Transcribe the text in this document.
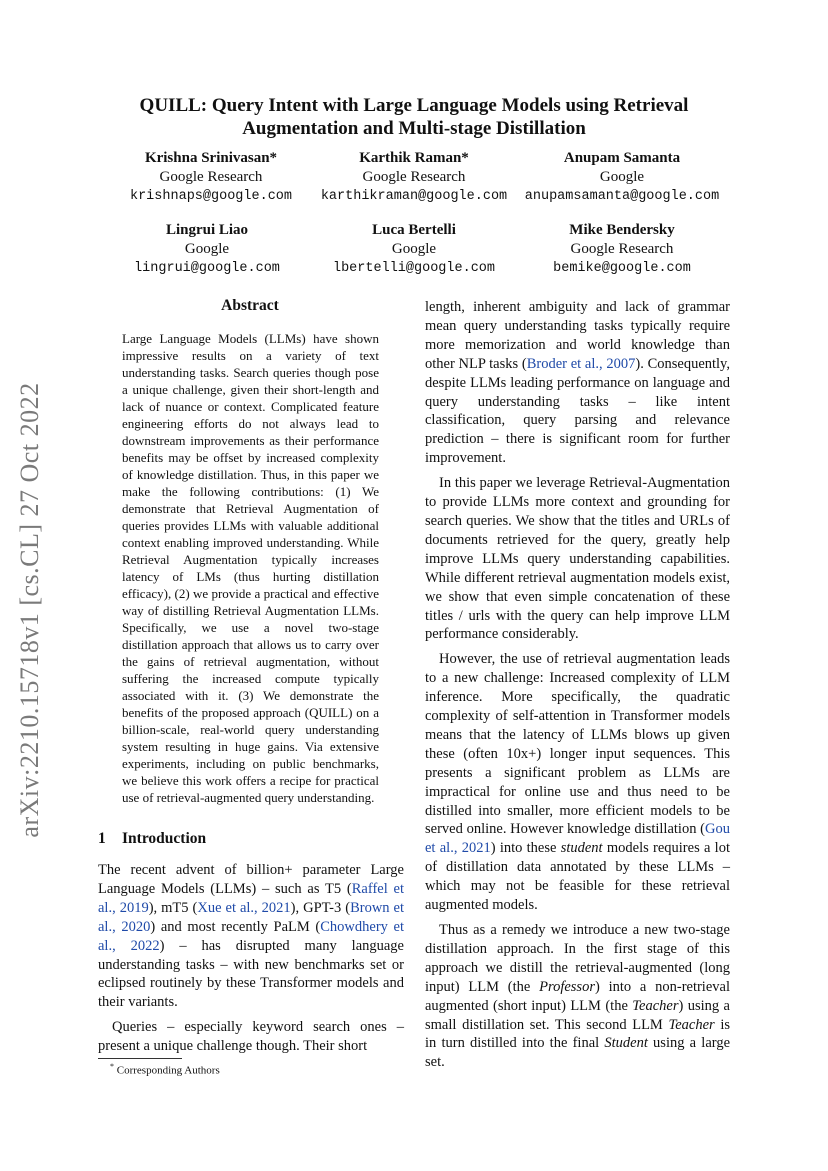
QUILL: Query Intent with Large Language Models using Retrieval Augmentation and Multi-stage Distillation
Krishna Srinivasan*
Google Research
krishnaps@google.com
Karthik Raman*
Google Research
karthikraman@google.com
Anupam Samanta
Google
anupamsamanta@google.com
Lingrui Liao
Google
lingrui@google.com
Luca Bertelli
Google
lbertelli@google.com
Mike Bendersky
Google Research
bemike@google.com
arXiv:2210.15718v1 [cs.CL] 27 Oct 2022
Abstract
Large Language Models (LLMs) have shown impressive results on a variety of text understanding tasks. Search queries though pose a unique challenge, given their short-length and lack of nuance or context. Complicated feature engineering efforts do not always lead to downstream improvements as their performance benefits may be offset by increased complexity of knowledge distillation. Thus, in this paper we make the following contributions: (1) We demonstrate that Retrieval Augmentation of queries provides LLMs with valuable additional context enabling improved understanding. While Retrieval Augmentation typically increases latency of LMs (thus hurting distillation efficacy), (2) we provide a practical and effective way of distilling Retrieval Augmentation LLMs. Specifically, we use a novel two-stage distillation approach that allows us to carry over the gains of retrieval augmentation, without suffering the increased compute typically associated with it. (3) We demonstrate the benefits of the proposed approach (QUILL) on a billion-scale, real-world query understanding system resulting in huge gains. Via extensive experiments, including on public benchmarks, we believe this work offers a recipe for practical use of retrieval-augmented query understanding.
1 Introduction

The recent advent of billion+ parameter Large Language Models (LLMs) – such as T5 (Raffel et al., 2019), mT5 (Xue et al., 2021), GPT-3 (Brown et al., 2020) and most recently PaLM (Chowdhery et al., 2022) – has disrupted many language understanding tasks – with new benchmarks set or eclipsed routinely by these Transformer models and their variants.

Queries – especially keyword search ones – present a unique challenge though. Their short

length, inherent ambiguity and lack of grammar mean query understanding tasks typically require more memorization and world knowledge than other NLP tasks (Broder et al., 2007). Consequently, despite LLMs leading performance on language and query understanding tasks – like intent classification, query parsing and relevance prediction – there is significant room for further improvement.

In this paper we leverage Retrieval-Augmentation to provide LLMs more context and grounding for search queries. We show that the titles and URLs of documents retrieved for the query, greatly help improve LLMs query understanding capabilities. While different retrieval augmentation models exist, we show that even simple concatenation of these titles / urls with the query can help improve LLM performance considerably.

However, the use of retrieval augmentation leads to a new challenge: Increased complexity of LLM inference. More specifically, the quadratic complexity of self-attention in Transformer models means that the latency of LLMs blows up given these (often 10x+) longer input sequences. This presents a significant problem as LLMs are impractical for online use and thus need to be distilled into smaller, more efficient models to be served online. However knowledge distillation (Gou et al., 2021) into these student models requires a lot of distillation data annotated by these LLMs – which may not be feasible for these retrieval augmented models.

Thus as a remedy we introduce a new two-stage distillation approach. In the first stage of this approach we distill the retrieval-augmented (long input) LLM (the Professor) into a non-retrieval augmented (short input) LLM (the Teacher) using a small distillation set. This second LLM Teacher is in turn distilled into the final Student using a large set.

* Corresponding Authors
